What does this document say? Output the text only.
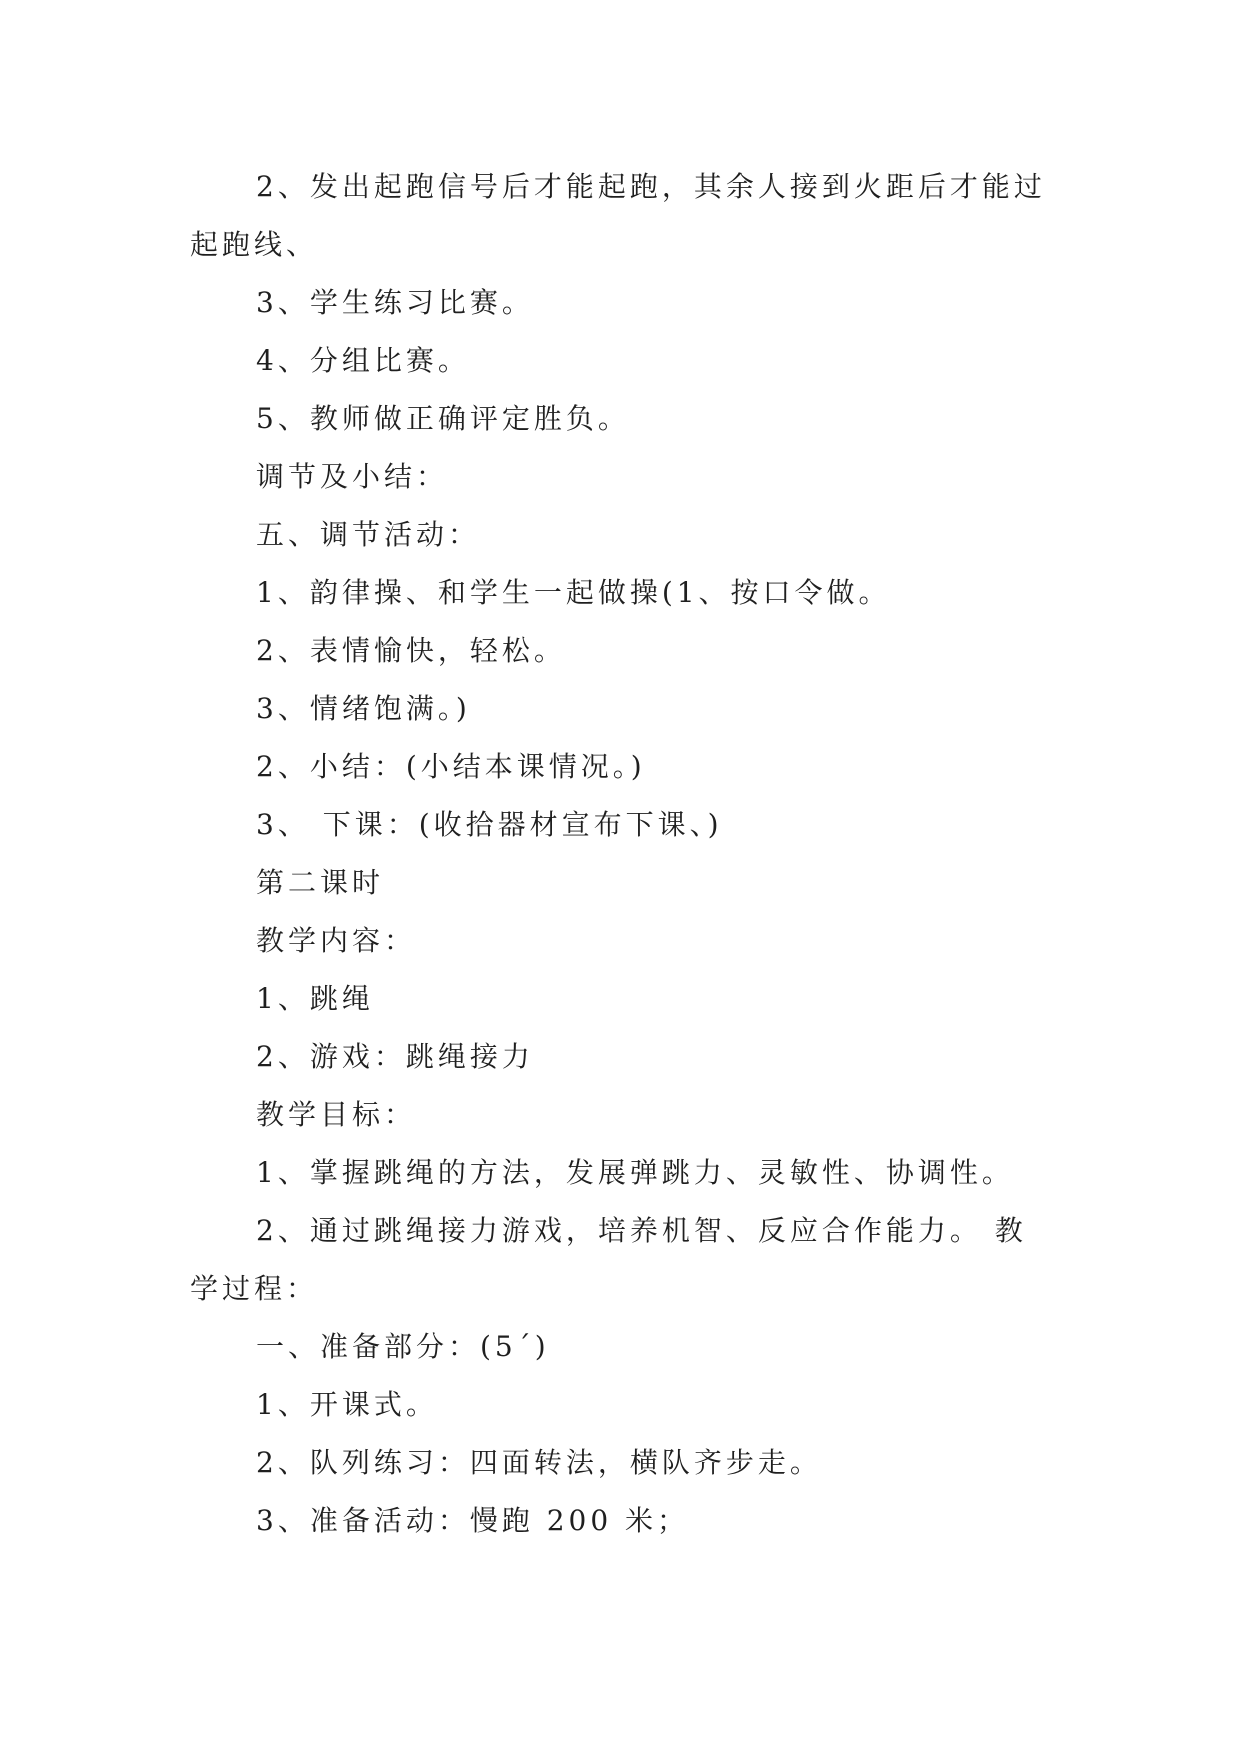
2、发出起跑信号后才能起跑，其余人接到火距后才能过起跑线、

3、学生练习比赛。

4、分组比赛。

5、教师做正确评定胜负。

调节及小结：

五、调节活动：

1、韵律操、和学生一起做操(1、按口令做。

2、表情愉快，轻松。

3、情绪饱满。)

2、小结：(小结本课情况。)

3、 下课：(收拾器材宣布下课、)

第二课时

教学内容：

1、跳绳

2、游戏：跳绳接力

教学目标：

1、掌握跳绳的方法，发展弹跳力、灵敏性、协调性。

2、通过跳绳接力游戏，培养机智、反应合作能力。 教学过程：

一、准备部分：(5´)

1、开课式。

2、队列练习：四面转法，横队齐步走。

3、准备活动：慢跑 200 米；
